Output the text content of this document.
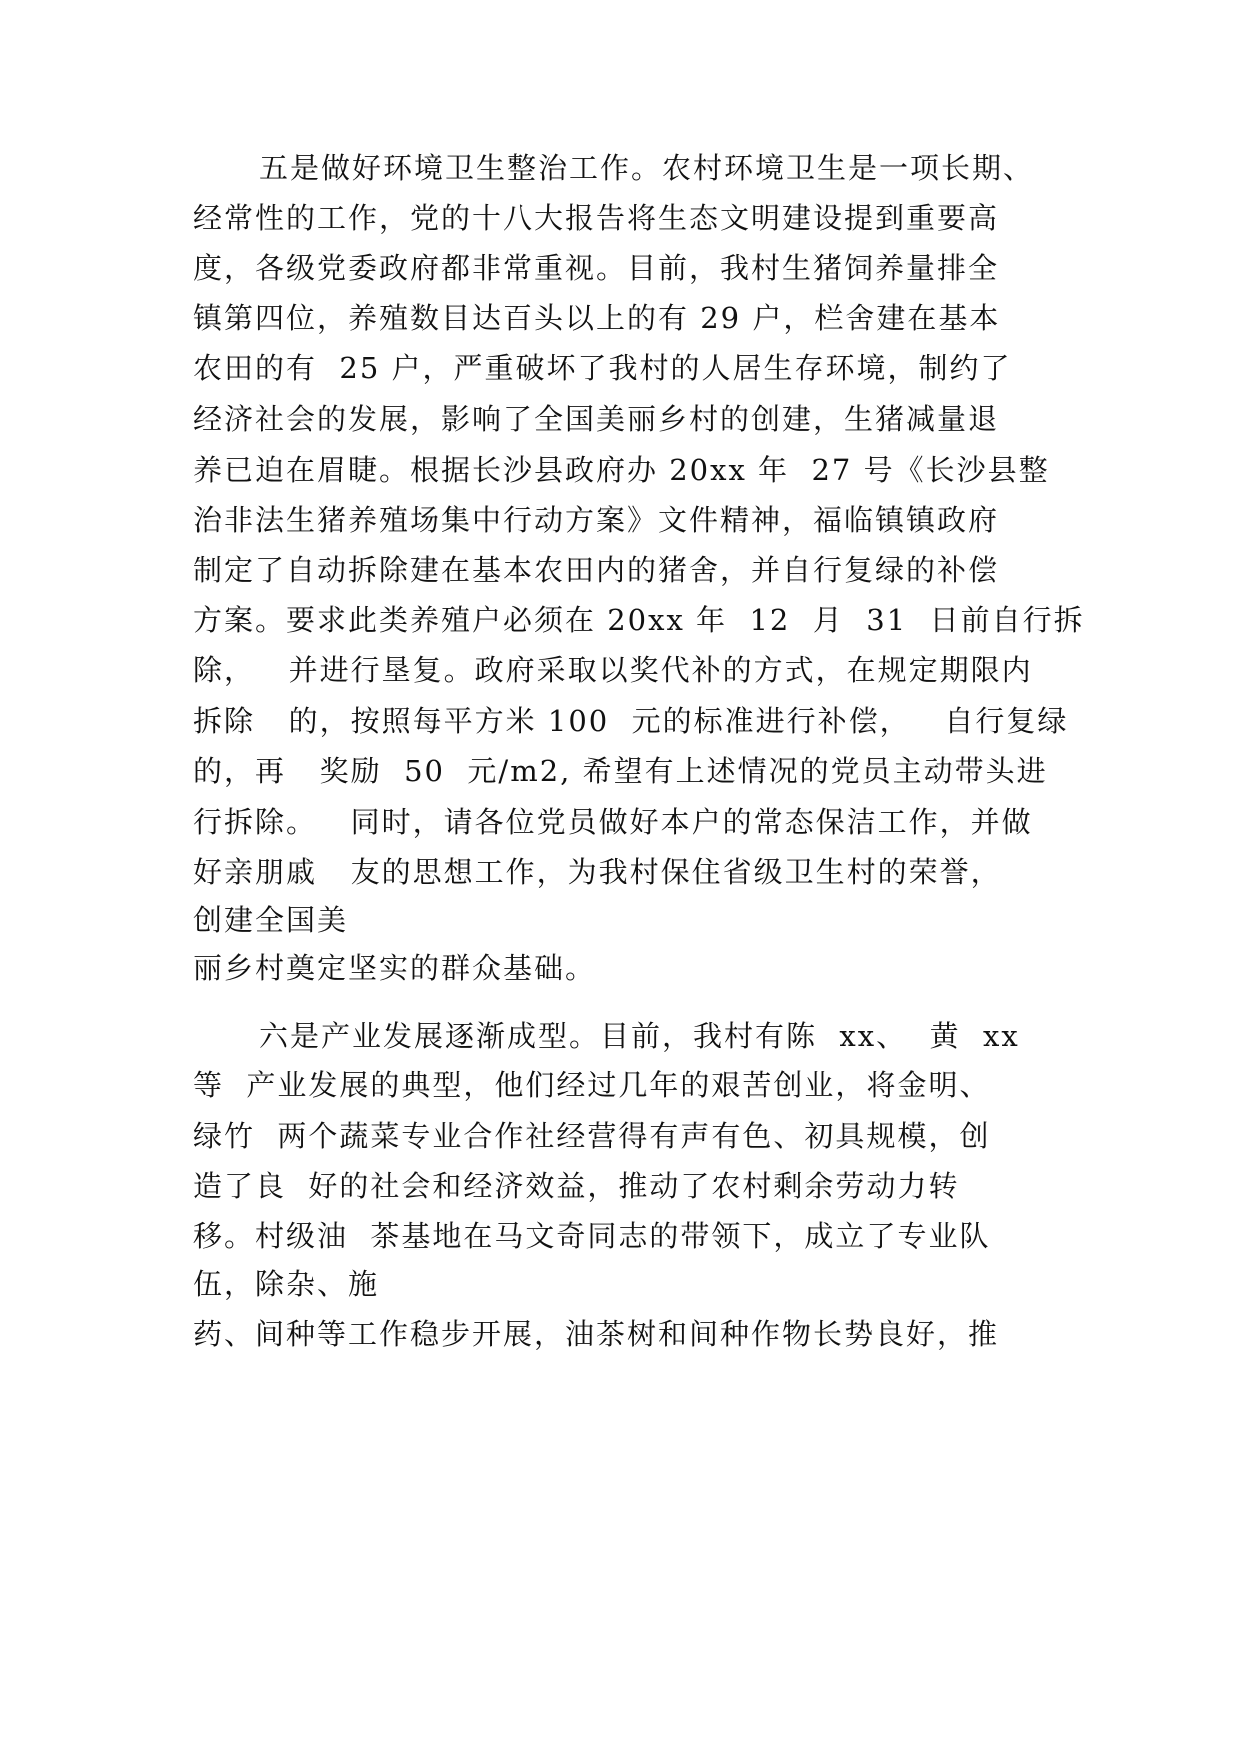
五是做好环境卫生整治工作。农村环境卫生是一项长期、
经常性的工作，党的十八大报告将生态文明建设提到重要高
度，各级党委政府都非常重视。目前，我村生猪饲养量排全
镇第四位，养殖数目达百头以上的有 29 户，栏舍建在基本
农田的有  25 户，严重破坏了我村的人居生存环境，制约了
经济社会的发展，影响了全国美丽乡村的创建，生猪减量退
养已迫在眉睫。根据长沙县政府办 20xx 年  27 号《长沙县整
治非法生猪养殖场集中行动方案》文件精神，福临镇镇政府
制定了自动拆除建在基本农田内的猪舍，并自行复绿的补偿
方案。要求此类养殖户必须在 20xx 年  12  月  31  日前自行拆
除，   并进行垦复。政府采取以奖代补的方式，在规定期限内
拆除   的，按照每平方米 100  元的标准进行补偿，   自行复绿
的，再   奖励  50  元/m2, 希望有上述情况的党员主动带头进
行拆除。   同时，请各位党员做好本户的常态保洁工作，并做
好亲朋戚   友的思想工作，为我村保住省级卫生村的荣誉，
创建全国美
丽乡村奠定坚实的群众基础。
六是产业发展逐渐成型。目前，我村有陈  xx、  黄  xx
等  产业发展的典型，他们经过几年的艰苦创业，将金明、
绿竹  两个蔬菜专业合作社经营得有声有色、初具规模，创
造了良  好的社会和经济效益，推动了农村剩余劳动力转
移。村级油  茶基地在马文奇同志的带领下，成立了专业队
伍，除杂、施
药、间种等工作稳步开展，油茶树和间种作物长势良好，推
